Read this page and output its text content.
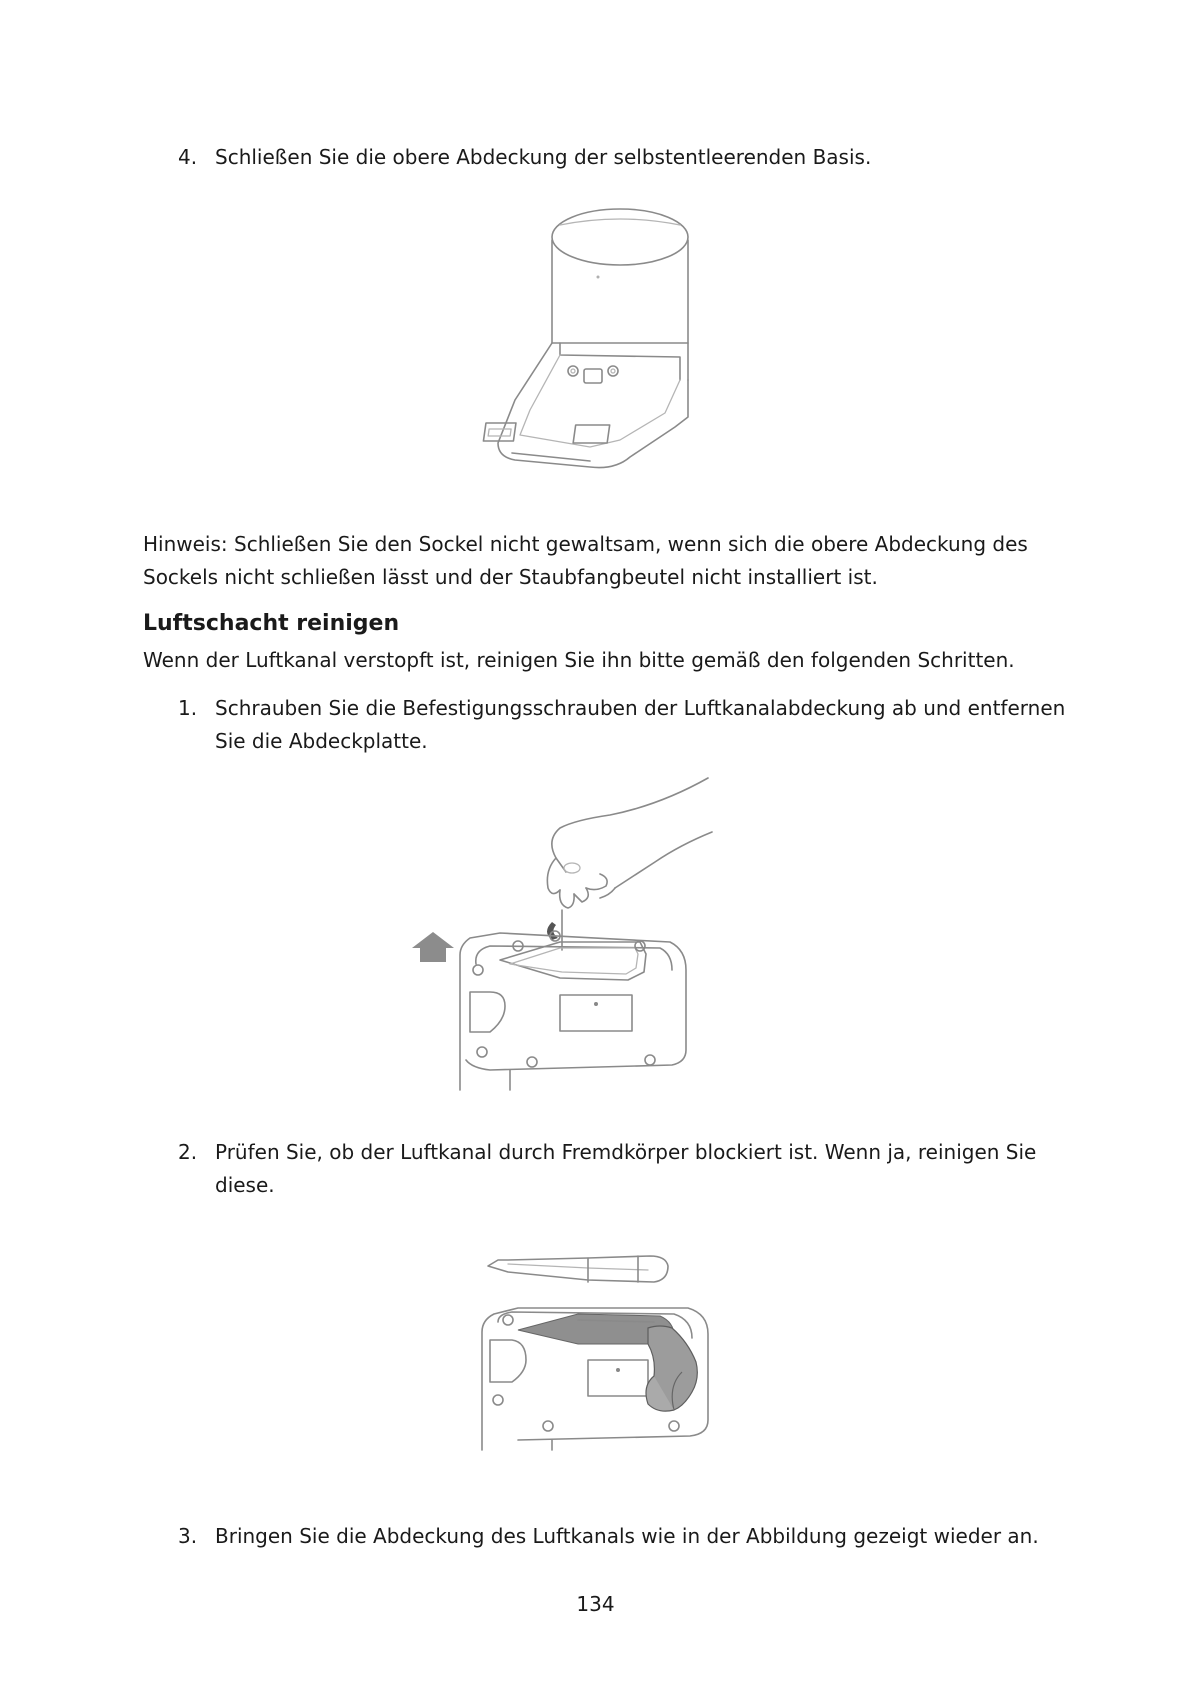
4. Schließen Sie die obere Abdeckung der selbstentleerenden Basis.
Hinweis: Schließen Sie den Sockel nicht gewaltsam, wenn sich die obere Abdeckung des
Sockels nicht schließen lässt und der Staubfangbeutel nicht installiert ist.
Luftschacht reinigen
Wenn der Luftkanal verstopft ist, reinigen Sie ihn bitte gemäß den folgenden Schritten.
1. Schrauben Sie die Befestigungsschrauben der Luftkanalabdeckung ab und entfernen
Sie die Abdeckplatte.
2. Prüfen Sie, ob der Luftkanal durch Fremdkörper blockiert ist. Wenn ja, reinigen Sie
diese.
3. Bringen Sie die Abdeckung des Luftkanals wie in der Abbildung gezeigt wieder an.
134
